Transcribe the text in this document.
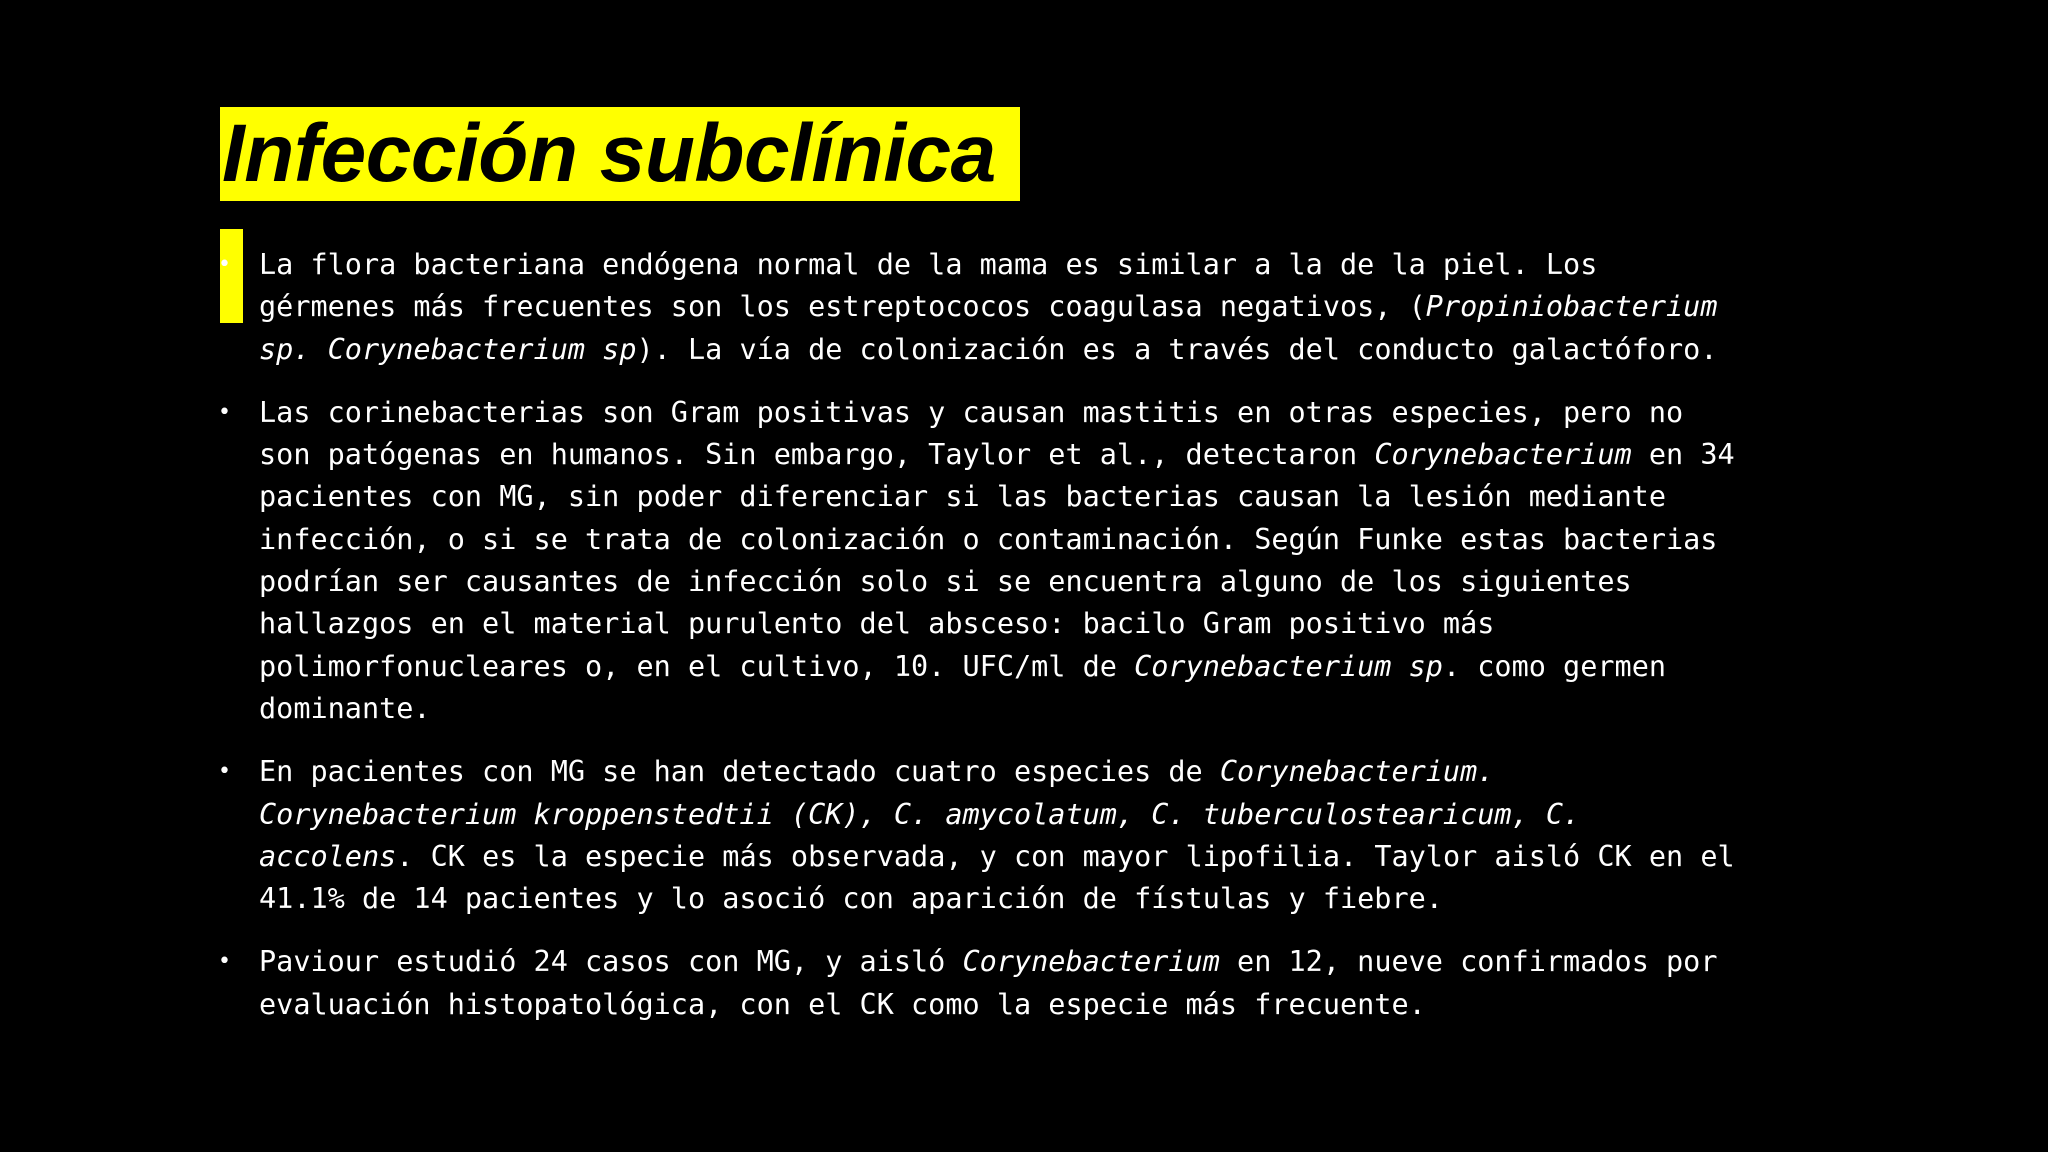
Infección subclínica
• La flora bacteriana endógena normal de la mama es similar a la de la piel. Los
gérmenes más frecuentes son los estreptococos coagulasa negativos, (Propiniobacterium
sp. Corynebacterium sp). La vía de colonización es a través del conducto galactóforo.
• Las corinebacterias son Gram positivas y causan mastitis en otras especies, pero no
son patógenas en humanos. Sin embargo, Taylor et al., detectaron Corynebacterium en 34
pacientes con MG, sin poder diferenciar si las bacterias causan la lesión mediante
infección, o si se trata de colonización o contaminación. Según Funke estas bacterias
podrían ser causantes de infección solo si se encuentra alguno de los siguientes
hallazgos en el material purulento del absceso: bacilo Gram positivo más
polimorfonucleares o, en el cultivo, 10. UFC/ml de Corynebacterium sp. como germen
dominante.
• En pacientes con MG se han detectado cuatro especies de Corynebacterium.
Corynebacterium kroppenstedtii (CK), C. amycolatum, C. tuberculostearicum, C.
accolens. CK es la especie más observada, y con mayor lipofilia. Taylor aisló CK en el
41.1% de 14 pacientes y lo asoció con aparición de fístulas y fiebre.
• Paviour estudió 24 casos con MG, y aisló Corynebacterium en 12, nueve confirmados por
evaluación histopatológica, con el CK como la especie más frecuente.
